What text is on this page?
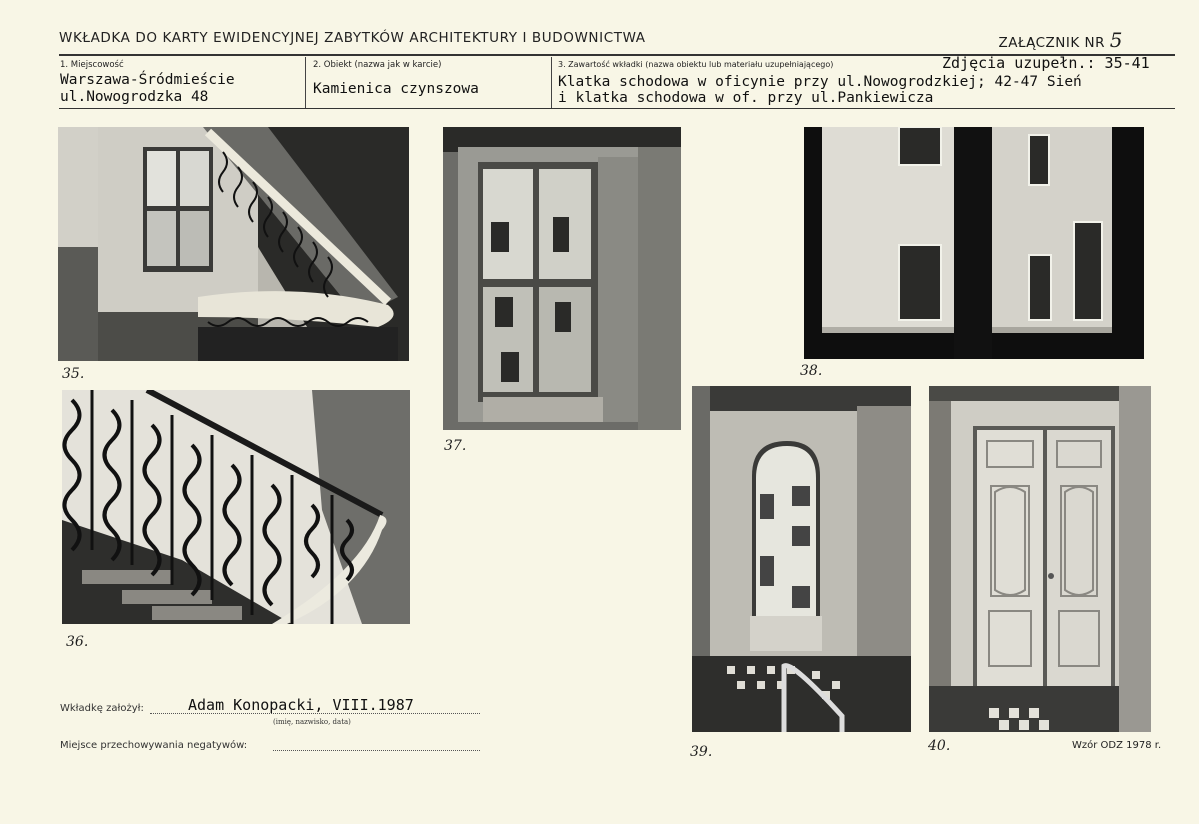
WKŁADKA DO KARTY EWIDENCYJNEJ ZABYTKÓW ARCHITEKTURY I BUDOWNICTWA	ZAŁĄCZNIK NR 5
1. Miejscowość
Warszawa-Śródmieście
ul.Nowogrodzka 48
2. Obiekt (nazwa jak w karcie)
Kamienica czynszowa
3. Zawartość wkładki (nazwa obiektu lub materiału uzupełniającego)	Zdjęcia uzupełn.: 35-41
Klatka schodowa w oficynie przy ul.Nowogrodzkiej; 42-47 Sień
i klatka schodowa w of. przy ul.Pankiewicza
35.
36.
37.
38.
39.	40.
Wkładkę założył:	Adam Konopacki, VIII.1987
(imię, nazwisko, data)
Miejsce przechowywania negatywów:	Wzór ODZ 1978 r.
